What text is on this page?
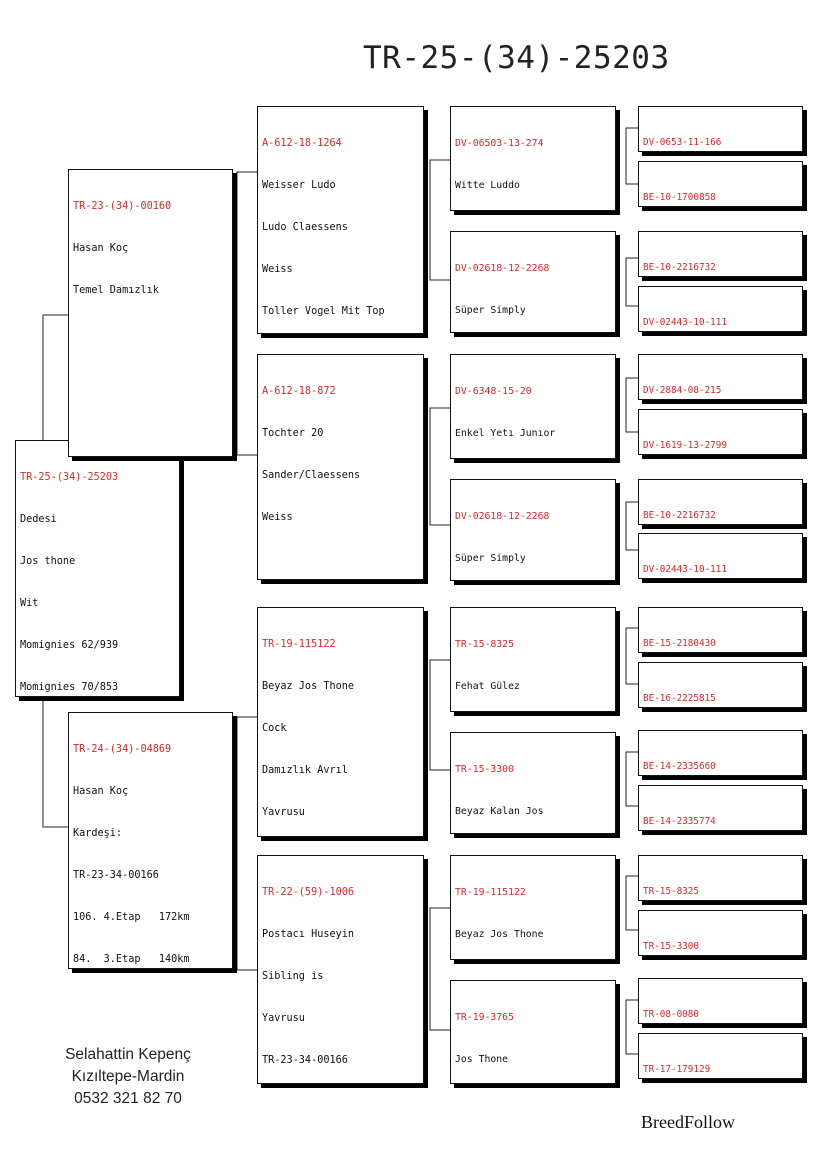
TR-25-(34)-25203

TR-25-(34)-25203

Dedesi

Jos thone

Wit

Momignies 62/939

Momignies 70/853

TR-23-(34)-00160

Hasan Koç

Temel Damızlık

TR-24-(34)-04869

Hasan Koç

Kardeşi:

TR-23-34-00166

106. 4.Etap   172km

84.  3.Etap   140km

A-612-18-1264

Weisser Ludo

Ludo Claessens

Weiss

Toller Vogel Mit Top

A-612-18-872

Tochter 20

Sander/Claessens

Weiss

TR-19-115122

Beyaz Jos Thone

Cock

Damızlık Avrıl

Yavrusu

TR-22-(59)-1006

Postacı Huseyin

Sibling is

Yavrusu

TR-23-34-00166

DV-06503-13-274

Witte Luddo

DV-02618-12-2268

Süper Simply

DV-6348-15-20

Enkel Yetı Junıor

DV-02618-12-2268

Süper Simply

TR-15-8325

Fehat Gülez

TR-15-3300

Beyaz Kalan Jos

TR-19-115122

Beyaz Jos Thone

TR-19-3765

Jos Thone

DV-0653-11-166

BE-10-1700858

BE-10-2216732

DV-02443-10-111

DV-2884-08-215

DV-1619-13-2799

BE-10-2216732

DV-02443-10-111

BE-15-2180430

BE-16-2225815

BE-14-2335660

BE-14-2335774

TR-15-8325

TR-15-3300

TR-08-0080

TR-17-179129

Selahattin Kepenç
Kızıltepe-Mardin
0532 321 82 70
BreedFollow
